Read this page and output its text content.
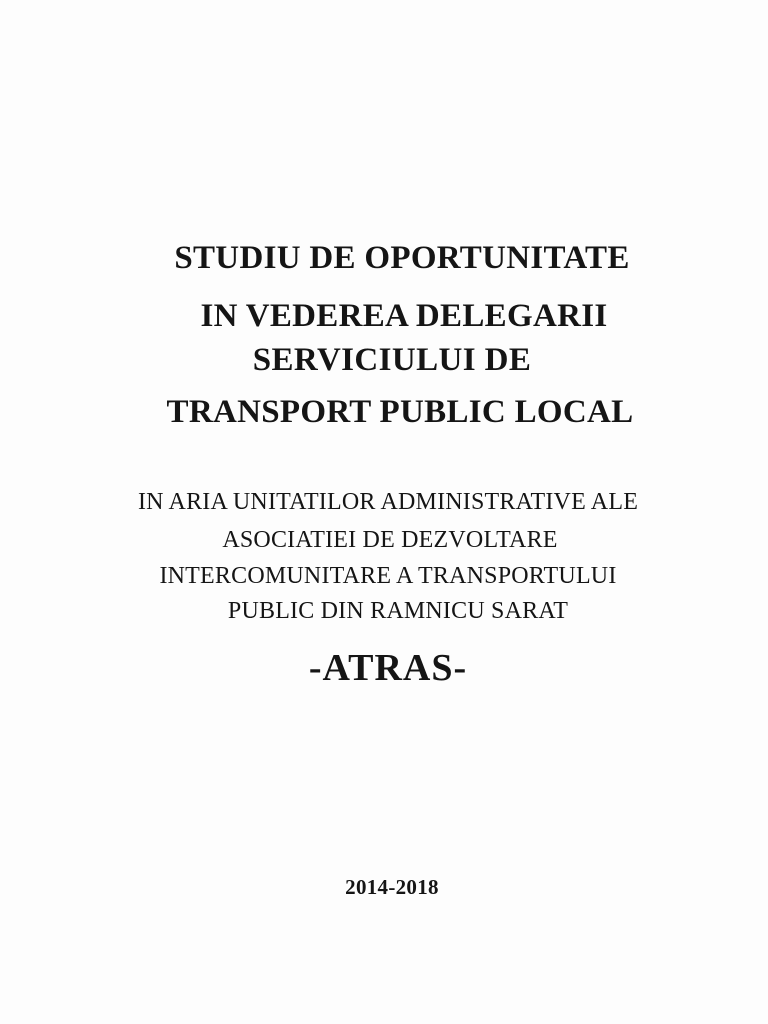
STUDIU DE OPORTUNITATE
IN VEDEREA DELEGARII
SERVICIULUI DE
TRANSPORT PUBLIC LOCAL
IN ARIA UNITATILOR ADMINISTRATIVE ALE
ASOCIATIEI DE DEZVOLTARE
INTERCOMUNITARE A TRANSPORTULUI
PUBLIC DIN RAMNICU SARAT
-ATRAS-
2014-2018
